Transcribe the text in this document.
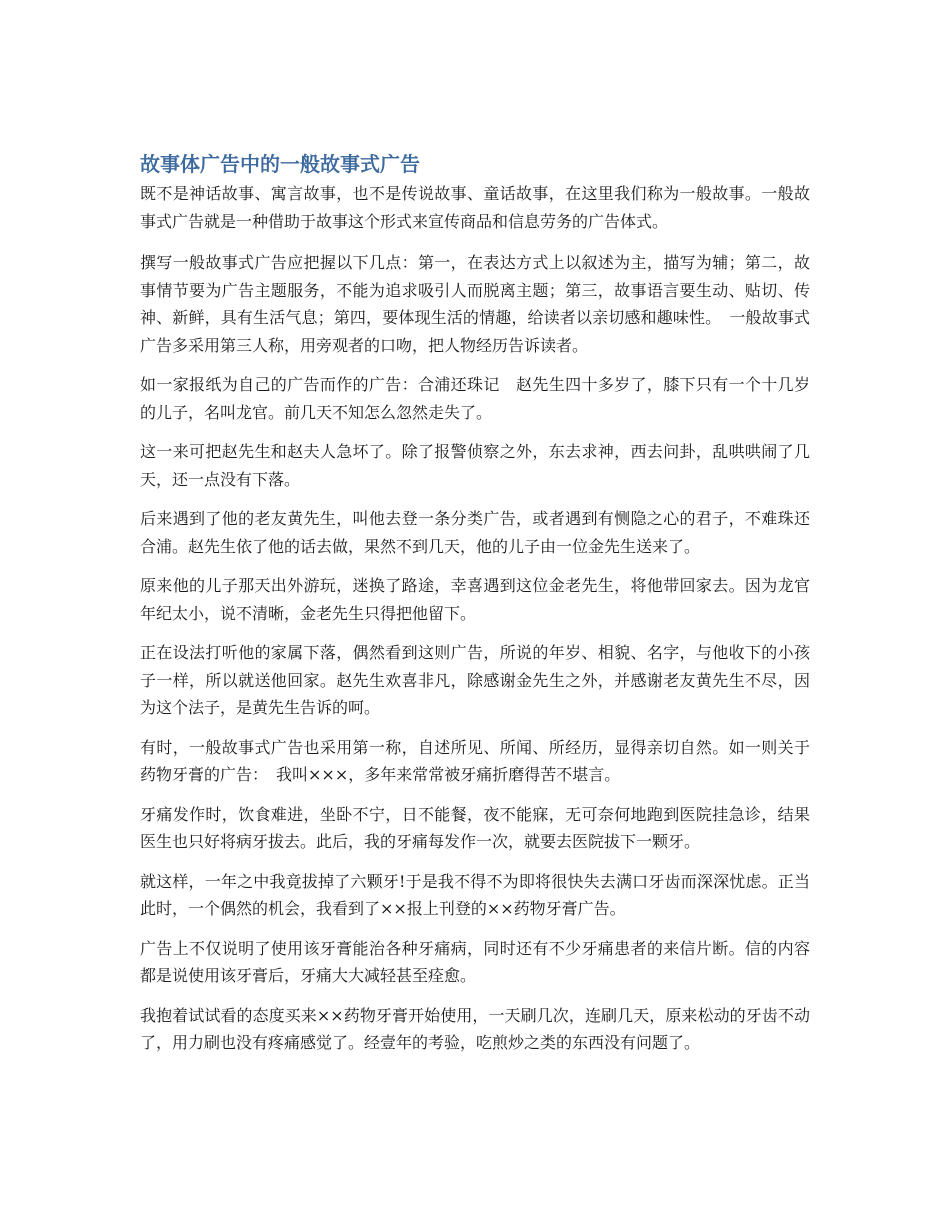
故事体广告中的一般故事式广告

既不是神话故事、寓言故事，也不是传说故事、童话故事，在这里我们称为一般故事。一般故事式广告就是一种借助于故事这个形式来宣传商品和信息劳务的广告体式。

撰写一般故事式广告应把握以下几点：第一，在表达方式上以叙述为主，描写为辅；第二，故事情节要为广告主题服务，不能为追求吸引人而脱离主题；第三，故事语言要生动、贴切、传神、新鲜，具有生活气息；第四，要体现生活的情趣，给读者以亲切感和趣味性。　一般故事式广告多采用第三人称，用旁观者的口吻，把人物经历告诉读者。

如一家报纸为自己的广告而作的广告：合浦还珠记　赵先生四十多岁了，膝下只有一个十几岁的儿子，名叫龙官。前几天不知怎么忽然走失了。

这一来可把赵先生和赵夫人急坏了。除了报警侦察之外，东去求神，西去问卦，乱哄哄闹了几天，还一点没有下落。

后来遇到了他的老友黄先生，叫他去登一条分类广告，或者遇到有恻隐之心的君子，不难珠还合浦。赵先生依了他的话去做，果然不到几天，他的儿子由一位金先生送来了。

原来他的儿子那天出外游玩，迷换了路途，幸喜遇到这位金老先生，将他带回家去。因为龙官年纪太小，说不清晰，金老先生只得把他留下。

正在设法打听他的家属下落，偶然看到这则广告，所说的年岁、相貌、名字，与他收下的小孩子一样，所以就送他回家。赵先生欢喜非凡，除感谢金先生之外，并感谢老友黄先生不尽，因为这个法子，是黄先生告诉的呵。

有时，一般故事式广告也采用第一称，自述所见、所闻、所经历，显得亲切自然。如一则关于药物牙膏的广告：　我叫×××，多年来常常被牙痛折磨得苦不堪言。

牙痛发作时，饮食难进，坐卧不宁，日不能餐，夜不能寐，无可奈何地跑到医院挂急诊，结果医生也只好将病牙拔去。此后，我的牙痛每发作一次，就要去医院拔下一颗牙。

就这样，一年之中我竟拔掉了六颗牙!于是我不得不为即将很快失去满口牙齿而深深忧虑。正当此时，一个偶然的机会，我看到了××报上刊登的××药物牙膏广告。

广告上不仅说明了使用该牙膏能治各种牙痛病，同时还有不少牙痛患者的来信片断。信的内容都是说使用该牙膏后，牙痛大大减轻甚至痊愈。

我抱着试试看的态度买来××药物牙膏开始使用，一天刷几次，连刷几天，原来松动的牙齿不动了，用力刷也没有疼痛感觉了。经壹年的考验，吃煎炒之类的东西没有问题了。
